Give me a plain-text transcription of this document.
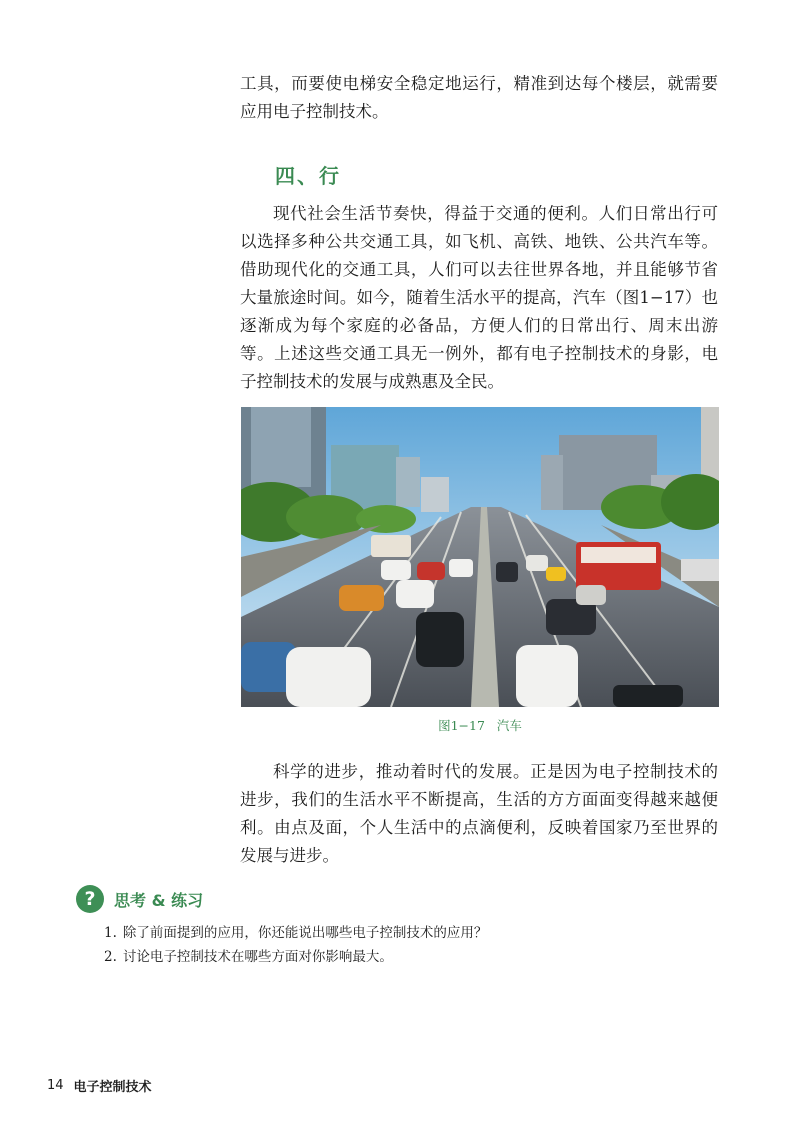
工具，而要使电梯安全稳定地运行，精准到达每个楼层，就需要应用电子控制技术。

四、行

现代社会生活节奏快，得益于交通的便利。人们日常出行可以选择多种公共交通工具，如飞机、高铁、地铁、公共汽车等。借助现代化的交通工具，人们可以去往世界各地，并且能够节省大量旅途时间。如今，随着生活水平的提高，汽车（图1−17）也逐渐成为每个家庭的必备品，方便人们的日常出行、周末出游等。上述这些交通工具无一例外，都有电子控制技术的身影，电子控制技术的发展与成熟惠及全民。

图1−17 汽车

科学的进步，推动着时代的发展。正是因为电子控制技术的进步，我们的生活水平不断提高，生活的方方面面变得越来越便利。由点及面，个人生活中的点滴便利，反映着国家乃至世界的发展与进步。

?	思考 & 练习

1. 除了前面提到的应用，你还能说出哪些电子控制技术的应用？

2. 讨论电子控制技术在哪些方面对你影响最大。

14 电子控制技术
